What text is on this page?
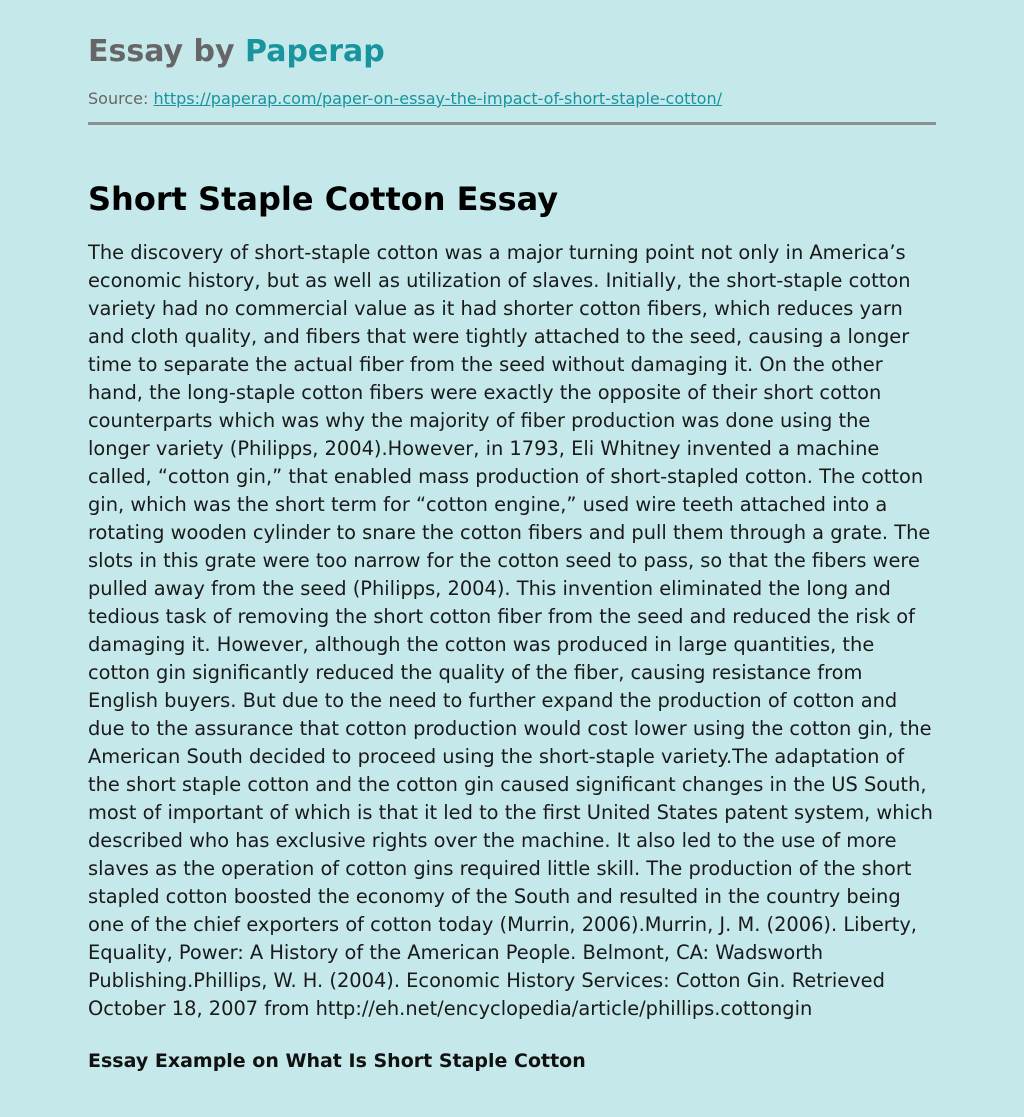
Essay by Paperap
Source: https://paperap.com/paper-on-essay-the-impact-of-short-staple-cotton/
Short Staple Cotton Essay

The discovery of short-staple cotton was a major turning point not only in America’s economic history, but as well as utilization of slaves. Initially, the short-staple cotton variety had no commercial value as it had shorter cotton fibers, which reduces yarn and cloth quality, and fibers that were tightly attached to the seed, causing a longer time to separate the actual fiber from the seed without damaging it. On the other hand, the long-staple cotton fibers were exactly the opposite of their short cotton counterparts which was why the majority of fiber production was done using the longer variety (Philipps, 2004).However, in 1793, Eli Whitney invented a machine called, “cotton gin,” that enabled mass production of short-stapled cotton. The cotton gin, which was the short term for “cotton engine,” used wire teeth attached into a rotating wooden cylinder to snare the cotton fibers and pull them through a grate. The slots in this grate were too narrow for the cotton seed to pass, so that the fibers were pulled away from the seed (Philipps, 2004). This invention eliminated the long and tedious task of removing the short cotton fiber from the seed and reduced the risk of damaging it. However, although the cotton was produced in large quantities, the cotton gin significantly reduced the quality of the fiber, causing resistance from English buyers. But due to the need to further expand the production of cotton and due to the assurance that cotton production would cost lower using the cotton gin, the American South decided to proceed using the short-staple variety.The adaptation of the short staple cotton and the cotton gin caused significant changes in the US South, most of important of which is that it led to the first United States patent system, which described who has exclusive rights over the machine. It also led to the use of more slaves as the operation of cotton gins required little skill. The production of the short stapled cotton boosted the economy of the South and resulted in the country being one of the chief exporters of cotton today (Murrin, 2006).Murrin, J. M. (2006). Liberty, Equality, Power: A History of the American People. Belmont, CA: Wadsworth Publishing.Phillips, W. H. (2004). Economic History Services: Cotton Gin. Retrieved October 18, 2007 from http://eh.net/encyclopedia/article/phillips.cottongin

Essay Example on What Is Short Staple Cotton
